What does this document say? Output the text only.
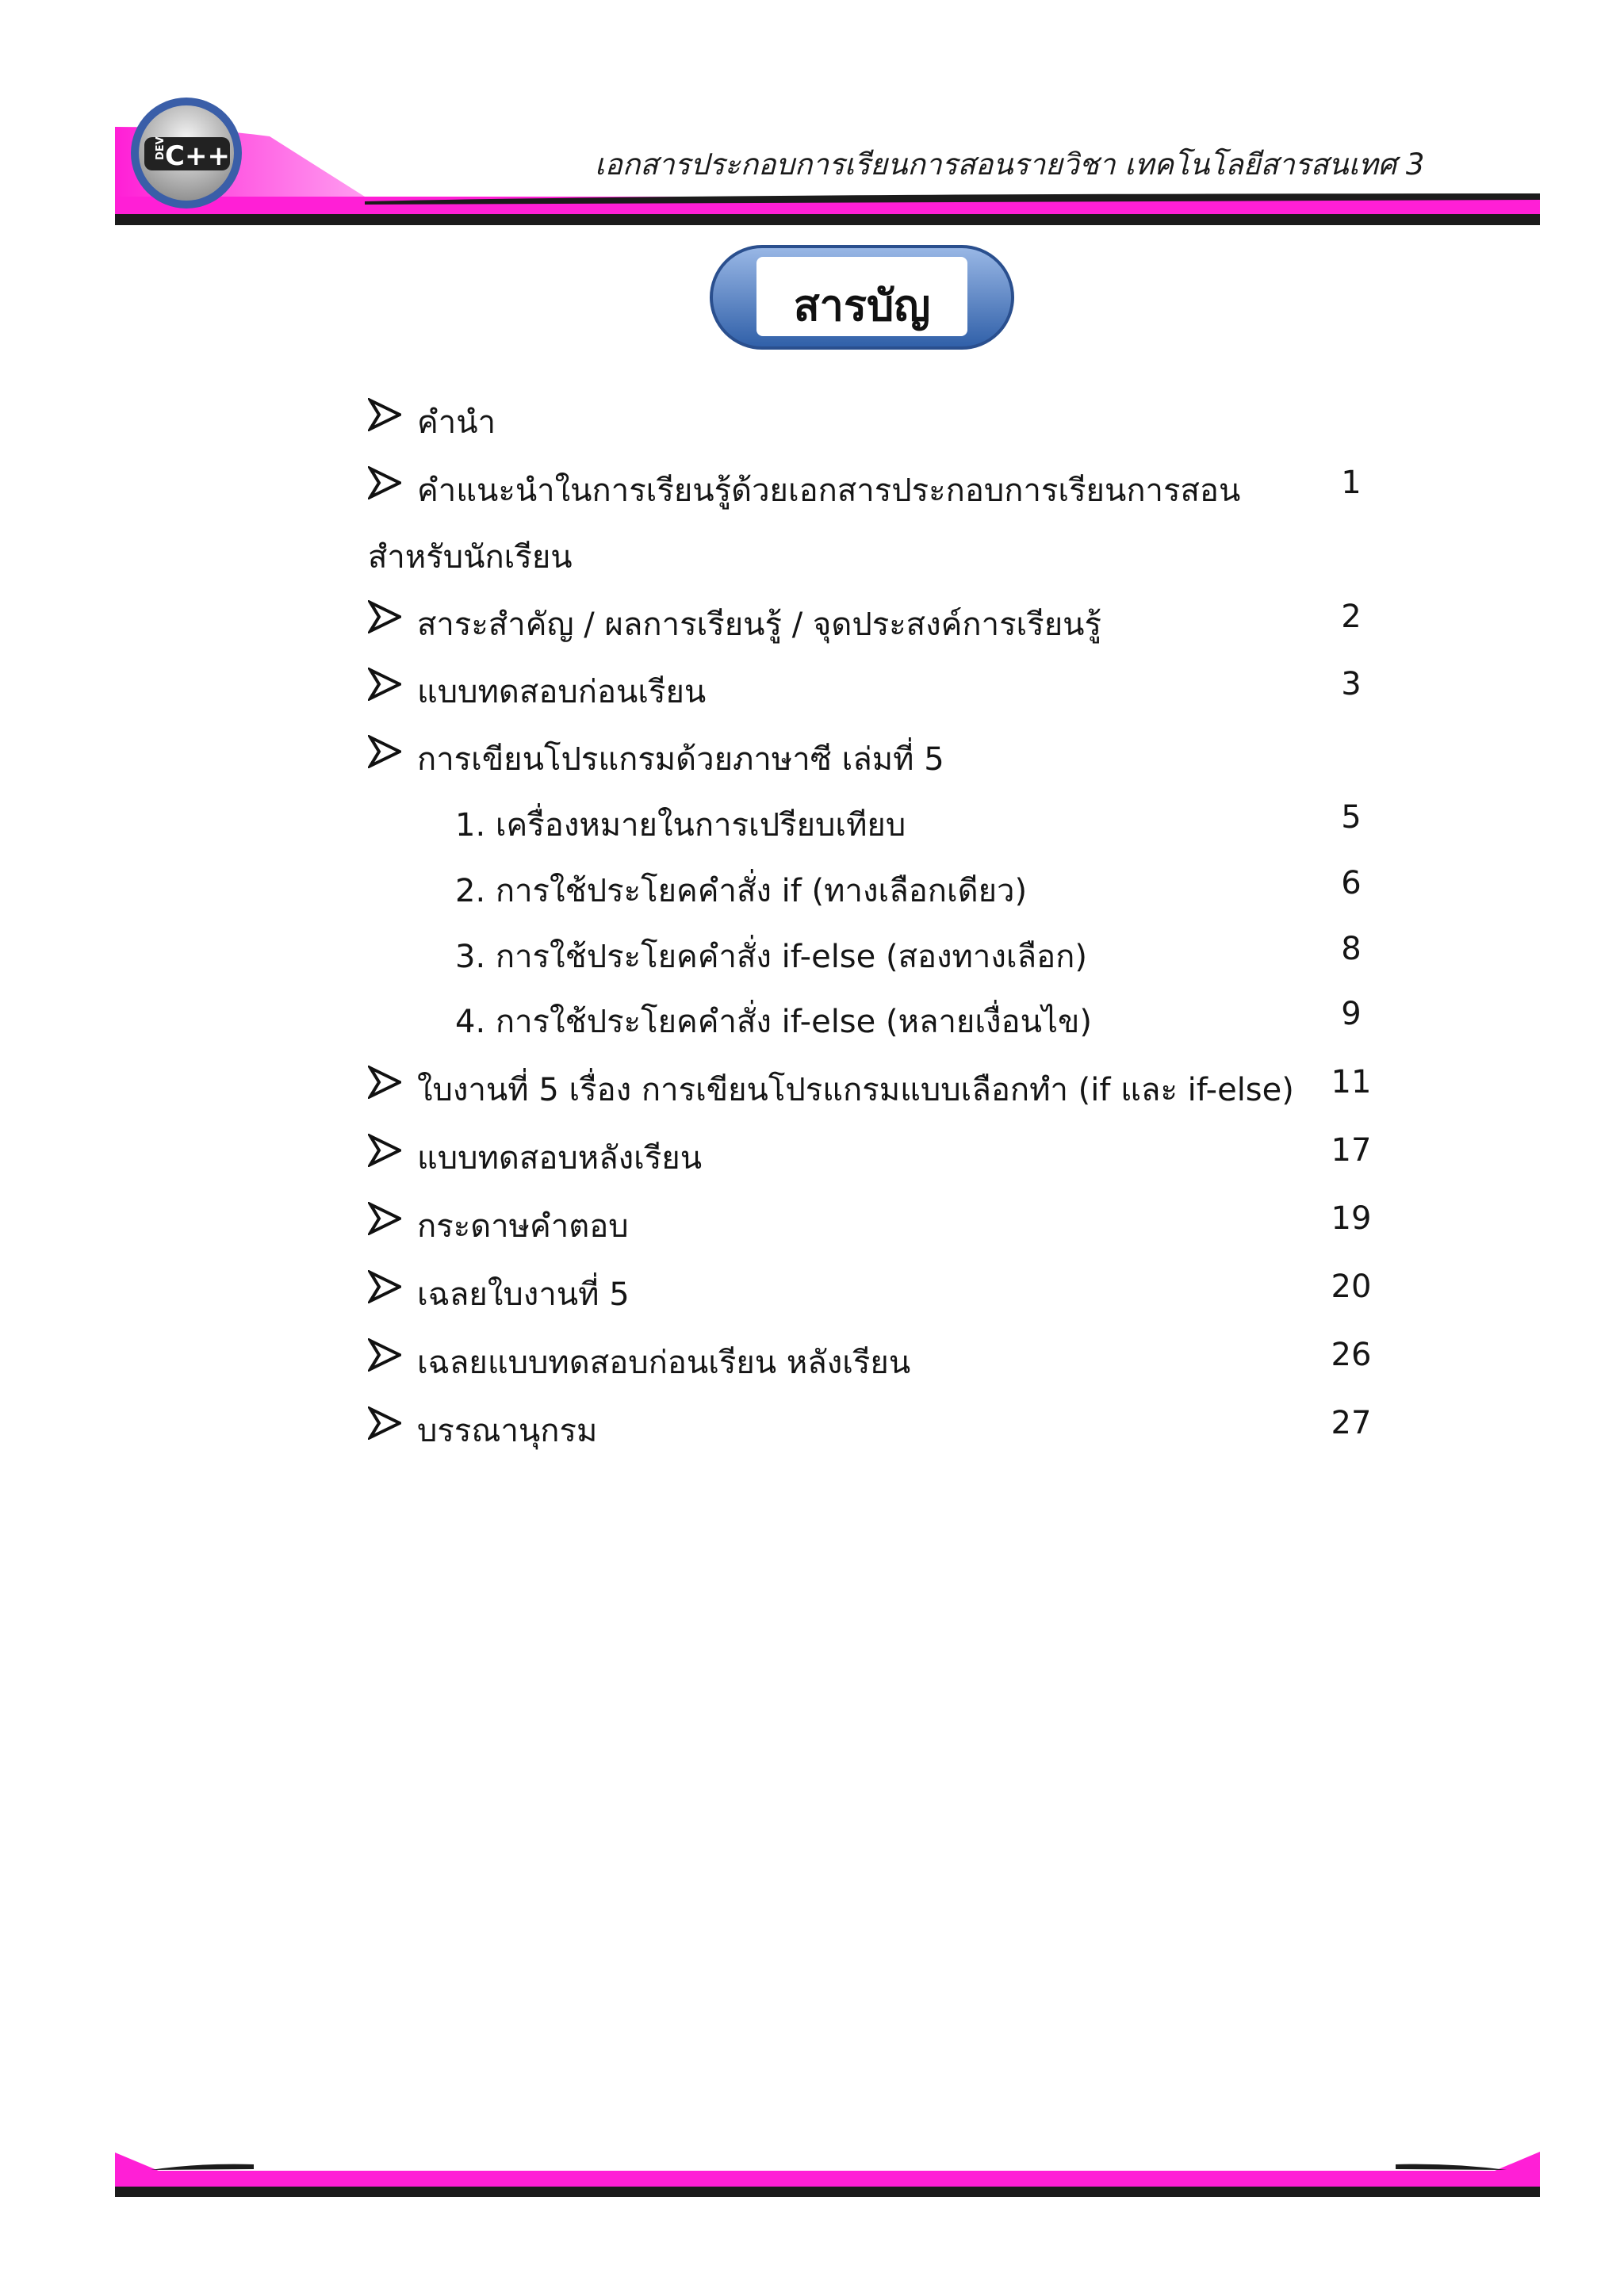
DEV
C++	เอกสารประกอบการเรียนการสอนรายวิชา เทคโนโลยีสารสนเทศ 3
สารบัญ
คำนำ
คำแนะนำในการเรียนรู้ด้วยเอกสารประกอบการเรียนการสอน	1
สำหรับนักเรียน
สาระสำคัญ / ผลการเรียนรู้ / จุดประสงค์การเรียนรู้	2
แบบทดสอบก่อนเรียน	3
การเขียนโปรแกรมด้วยภาษาซี เล่มที่ 5
1. เครื่องหมายในการเปรียบเทียบ	5
2. การใช้ประโยคคำสั่ง if (ทางเลือกเดียว)	6
3. การใช้ประโยคคำสั่ง if-else (สองทางเลือก)	8
4. การใช้ประโยคคำสั่ง if-else (หลายเงื่อนไข)	9
ใบงานที่ 5 เรื่อง การเขียนโปรแกรมแบบเลือกทำ (if และ if-else)	11
แบบทดสอบหลังเรียน	17
กระดาษคำตอบ	19
เฉลยใบงานที่ 5	20
เฉลยแบบทดสอบก่อนเรียน หลังเรียน	26
บรรณานุกรม	27
